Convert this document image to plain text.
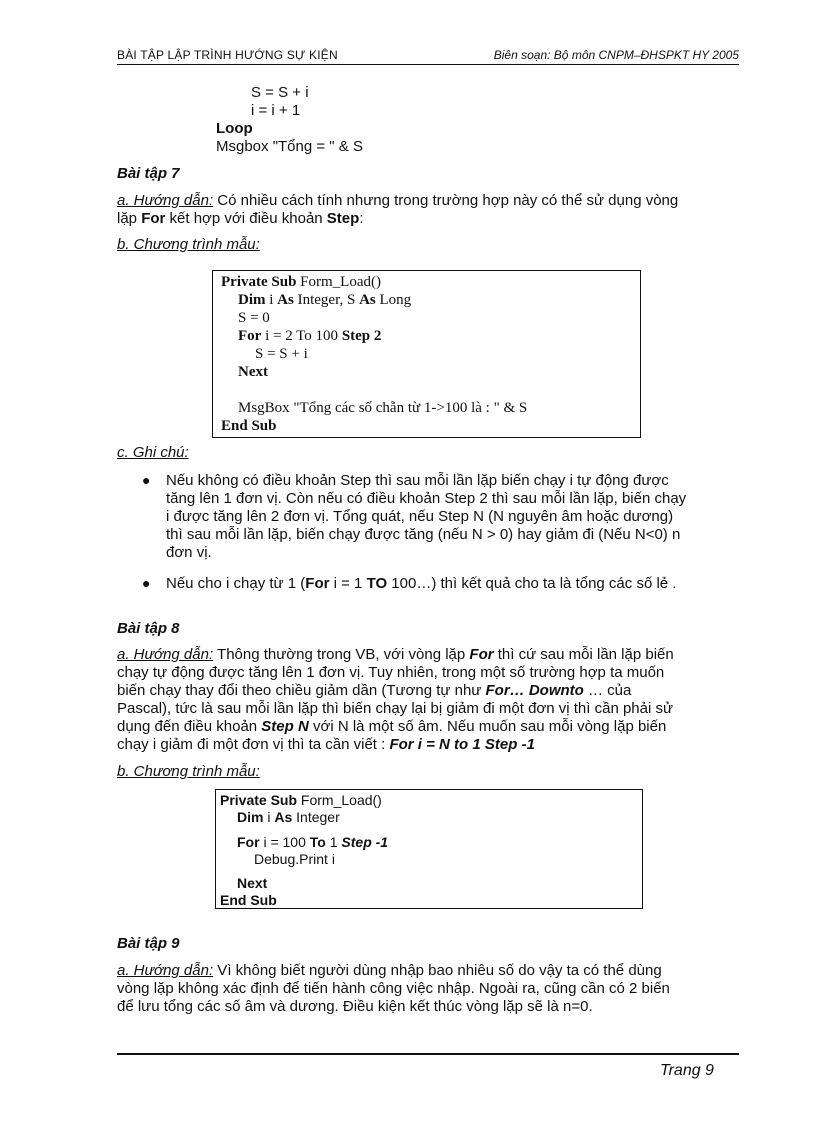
BÀI TẬP LẬP TRÌNH HƯỚNG SỰ KIỆN	Biên soạn: Bộ môn CNPM–ĐHSPKT HY 2005
S = S + i
i = i + 1
Loop
Msgbox "Tổng = " & S
Bài tập 7
a. Hướng dẫn: Có nhiều cách tính nhưng trong trường hợp này có thể sử dụng vòng
lặp For kết hợp với điều khoản Step:
b. Chương trình mẫu:
Private Sub Form_Load()
Dim i As Integer, S As Long
S = 0
For i = 2 To 100 Step 2
S = S + i
Next
MsgBox "Tổng các số chẵn từ 1->100 là : " & S
End Sub
c. Ghi chú:
● Nếu không có điều khoản Step thì sau mỗi lần lặp biến chạy i tự động được
tăng lên 1 đơn vị. Còn nếu có điều khoản Step 2 thì sau mỗi lần lặp, biến chạy
i được tăng lên 2 đơn vị. Tổng quát, nếu Step N (N nguyên âm hoặc dương)
thì sau mỗi lần lặp, biến chạy được tăng (nếu N > 0) hay giảm đi (Nếu N<0) n
đơn vị.
● Nếu cho i chạy từ 1 (For i = 1 TO 100…) thì kết quả cho ta là tổng các số lẻ .
Bài tập 8
a. Hướng dẫn: Thông thường trong VB, với vòng lặp For thì cứ sau mỗi lần lặp biến
chạy tự động được tăng lên 1 đơn vị. Tuy nhiên, trong một số trường hợp ta muốn
biến chạy thay đổi theo chiều giảm dần (Tương tự như For… Downto … của
Pascal), tức là sau mỗi lần lặp thì biến chạy lại bị giảm đi một đơn vị thì cần phải sử
dụng đến điều khoản Step N với N là một số âm. Nếu muốn sau mỗi vòng lặp biến
chạy i giảm đi một đơn vị thì ta cần viết : For i = N to 1 Step -1
b. Chương trình mẫu:
Private Sub Form_Load()
Dim i As Integer
For i = 100 To 1 Step -1
Debug.Print i
Next
End Sub
Bài tập 9
a. Hướng dẫn: Vì không biết người dùng nhập bao nhiêu số do vậy ta có thể dùng
vòng lặp không xác định để tiến hành công việc nhập. Ngoài ra, cũng cần có 2 biến
để lưu tổng các số âm và dương. Điều kiện kết thúc vòng lặp sẽ là n=0.
Trang 9
